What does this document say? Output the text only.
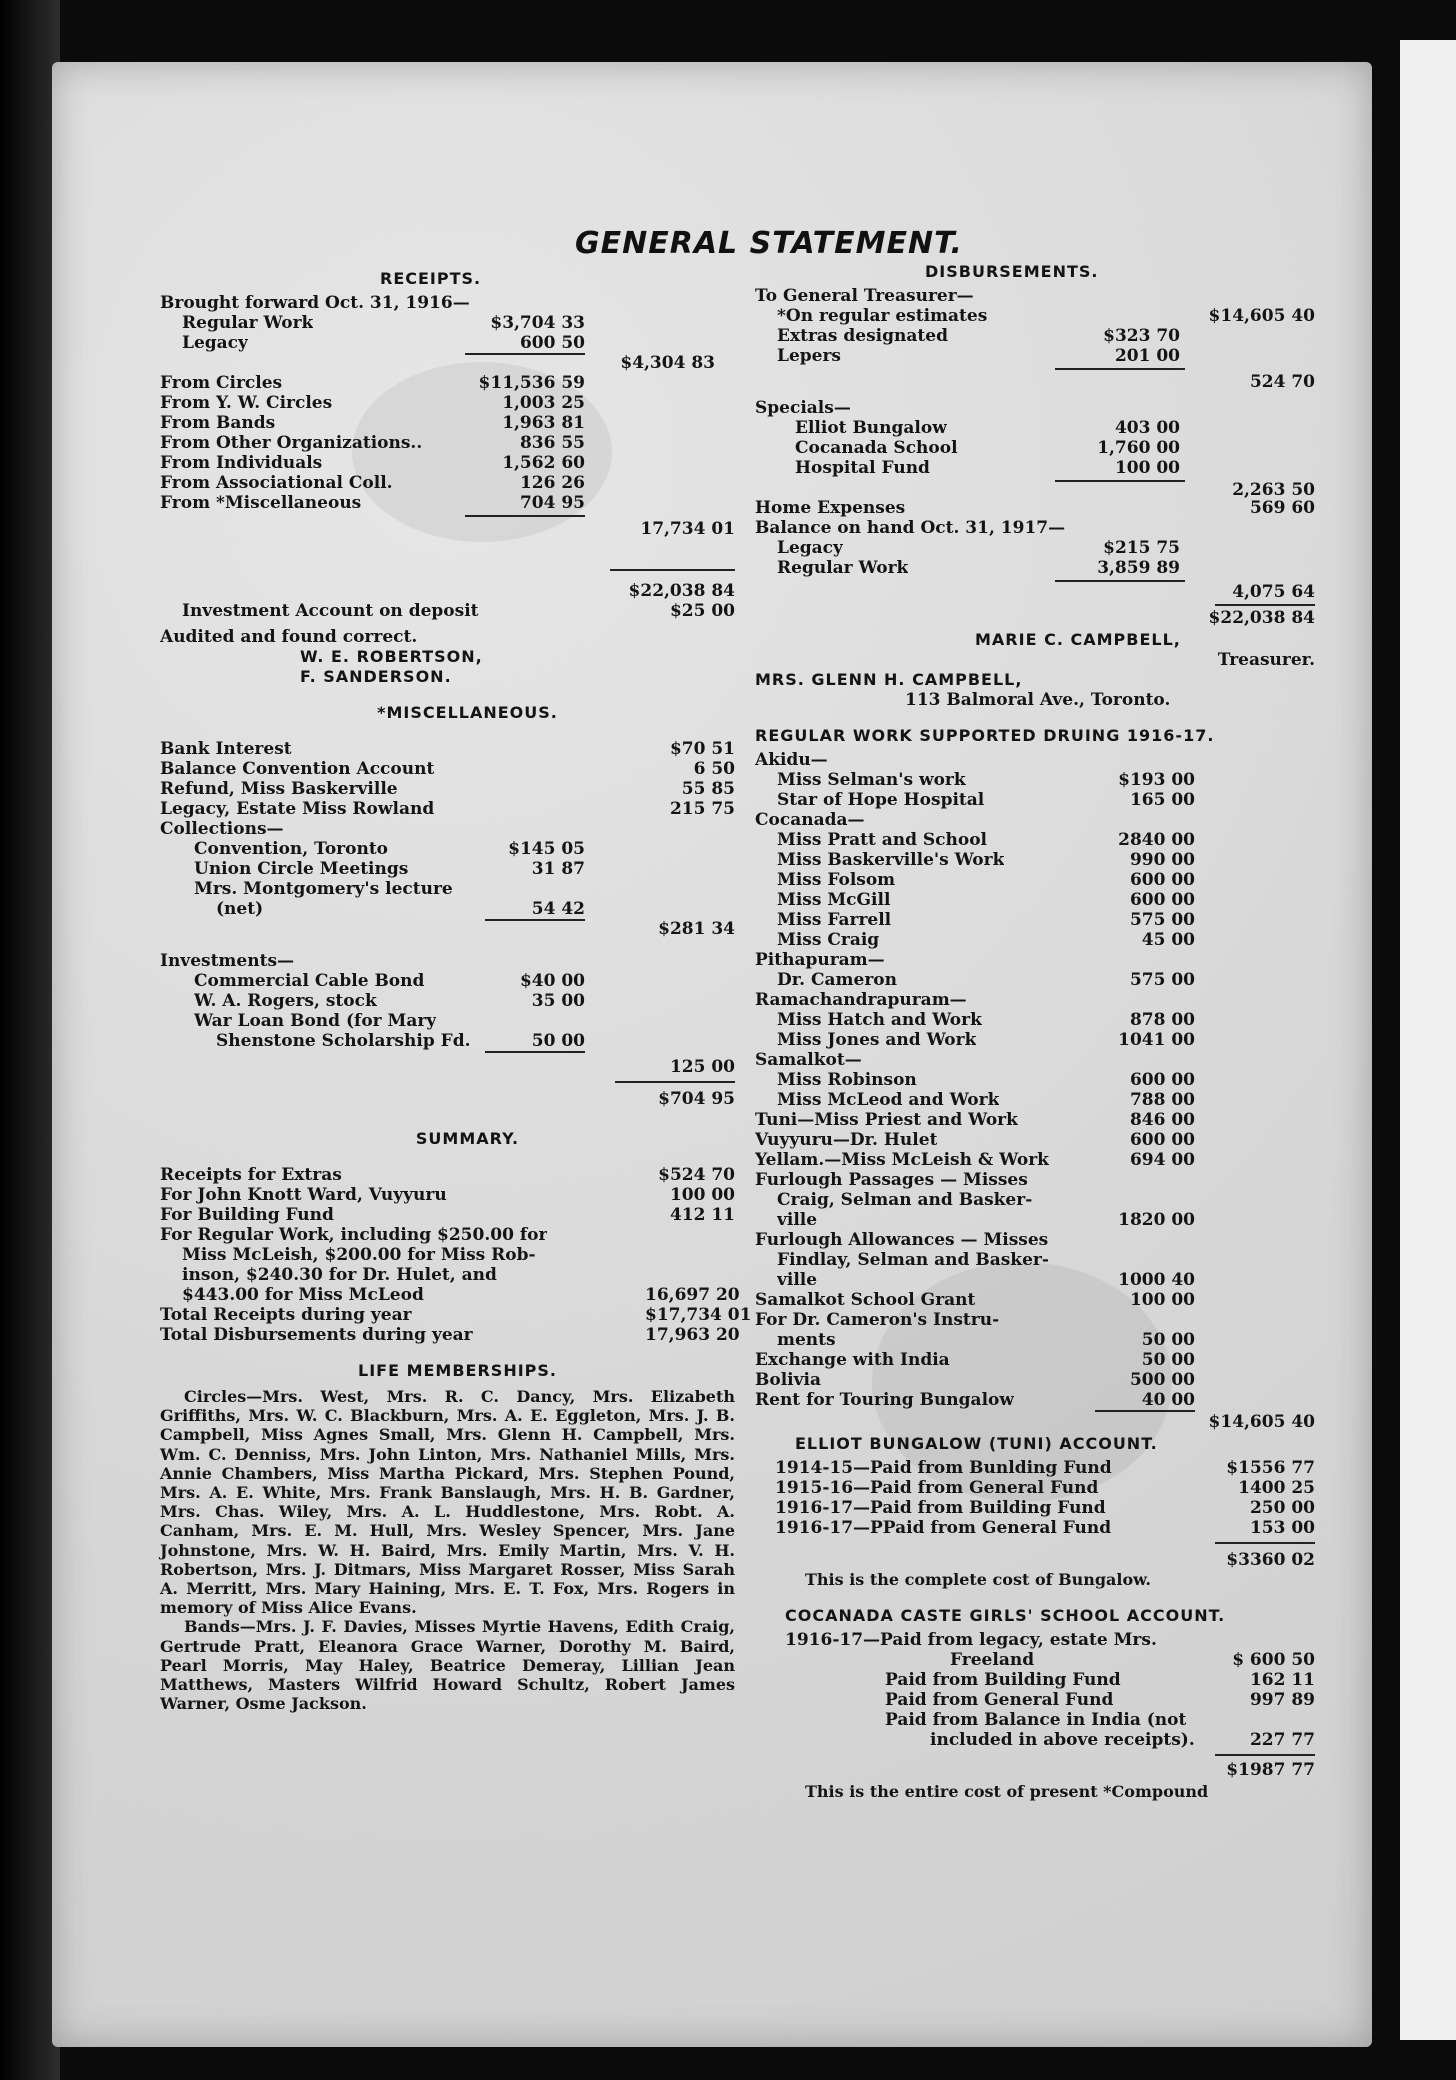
GENERAL STATEMENT.
RECEIPTS.
Brought forward Oct. 31, 1916—
Regular Work	$3,704 33
Legacy	600 50
$4,304 83
From Circles	$11,536 59
From Y. W. Circles	1,003 25
From Bands	1,963 81
From Other Organizations..	836 55
From Individuals	1,562 60
From Associational Coll.	126 26
From *Miscellaneous	704 95
17,734 01
$22,038 84
Investment Account on deposit	$25 00
Audited and found correct.
W. E. ROBERTSON,
F. SANDERSON.
*MISCELLANEOUS.
Bank Interest	$70 51
Balance Convention Account	6 50
Refund, Miss Baskerville	55 85
Legacy, Estate Miss Rowland	215 75
Collections—
Convention, Toronto	$145 05
Union Circle Meetings	31 87
Mrs. Montgomery's lecture
(net)	54 42
$281 34
Investments—
Commercial Cable Bond	$40 00
W. A. Rogers, stock	35 00
War Loan Bond (for Mary
Shenstone Scholarship Fd.	50 00
125 00
$704 95
SUMMARY.
Receipts for Extras	$524 70
For John Knott Ward, Vuyyuru	100 00
For Building Fund	412 11
For Regular Work, including $250.00 for
Miss McLeish, $200.00 for Miss Rob-
inson, $240.30 for Dr. Hulet, and
$443.00 for Miss McLeod	16,697 20
Total Receipts during year	$17,734 01
Total Disbursements during year	17,963 20
LIFE MEMBERSHIPS.

Circles—Mrs. West, Mrs. R. C. Dancy, Mrs. Elizabeth Griffiths, Mrs. W. C. Blackburn, Mrs. A. E. Eggleton, Mrs. J. B. Campbell, Miss Agnes Small, Mrs. Glenn H. Campbell, Mrs. Wm. C. Denniss, Mrs. John Linton, Mrs. Nathaniel Mills, Mrs. Annie Chambers, Miss Martha Pickard, Mrs. Stephen Pound, Mrs. A. E. White, Mrs. Frank Banslaugh, Mrs. H. B. Gardner, Mrs. Chas. Wiley, Mrs. A. L. Huddlestone, Mrs. Robt. A. Canham, Mrs. E. M. Hull, Mrs. Wesley Spencer, Mrs. Jane Johnstone, Mrs. W. H. Baird, Mrs. Emily Martin, Mrs. V. H. Robertson, Mrs. J. Ditmars, Miss Margaret Rosser, Miss Sarah A. Merritt, Mrs. Mary Haining, Mrs. E. T. Fox, Mrs. Rogers in memory of Miss Alice Evans.

Bands—Mrs. J. F. Davies, Misses Myrtie Havens, Edith Craig, Gertrude Pratt, Eleanora Grace Warner, Dorothy M. Baird, Pearl Morris, May Haley, Beatrice Demeray, Lillian Jean Matthews, Masters Wilfrid Howard Schultz, Robert James Warner, Osme Jackson.

DISBURSEMENTS.
To General Treasurer—
*On regular estimates	$14,605 40
Extras designated	$323 70
Lepers	201 00
524 70
Specials—
Elliot Bungalow	403 00
Cocanada School	1,760 00
Hospital Fund	100 00
2,263 50
Home Expenses	569 60
Balance on hand Oct. 31, 1917—
Legacy	$215 75
Regular Work	3,859 89
4,075 64
$22,038 84
MARIE C. CAMPBELL,
Treasurer.
MRS. GLENN H. CAMPBELL,
113 Balmoral Ave., Toronto.
REGULAR WORK SUPPORTED DRUING 1916-17.
Akidu—
Miss Selman's work	$193 00
Star of Hope Hospital	165 00
Cocanada—
Miss Pratt and School	2840 00
Miss Baskerville's Work	990 00
Miss Folsom	600 00
Miss McGill	600 00
Miss Farrell	575 00
Miss Craig	45 00
Pithapuram—
Dr. Cameron	575 00
Ramachandrapuram—
Miss Hatch and Work	878 00
Miss Jones and Work	1041 00
Samalkot—
Miss Robinson	600 00
Miss McLeod and Work	788 00
Tuni—Miss Priest and Work	846 00
Vuyyuru—Dr. Hulet	600 00
Yellam.—Miss McLeish & Work	694 00
Furlough Passages — Misses
Craig, Selman and Basker-
ville	1820 00
Furlough Allowances — Misses
Findlay, Selman and Basker-
ville	1000 40
Samalkot School Grant	100 00
For Dr. Cameron's Instru-
ments	50 00
Exchange with India	50 00
Bolivia	500 00
Rent for Touring Bungalow	40 00
$14,605 40
ELLIOT BUNGALOW (TUNI) ACCOUNT.
1914-15—Paid from Bunlding Fund	$1556 77
1915-16—Paid from General Fund	1400 25
1916-17—Paid from Building Fund	250 00
1916-17—PPaid from General Fund	153 00
$3360 02
This is the complete cost of Bungalow.
COCANADA CASTE GIRLS' SCHOOL ACCOUNT.
1916-17—Paid from legacy, estate Mrs.
Freeland	$ 600 50
Paid from Building Fund	162 11
Paid from General Fund	997 89
Paid from Balance in India (not
included in above receipts).	227 77
$1987 77
This is the entire cost of present *Compound
